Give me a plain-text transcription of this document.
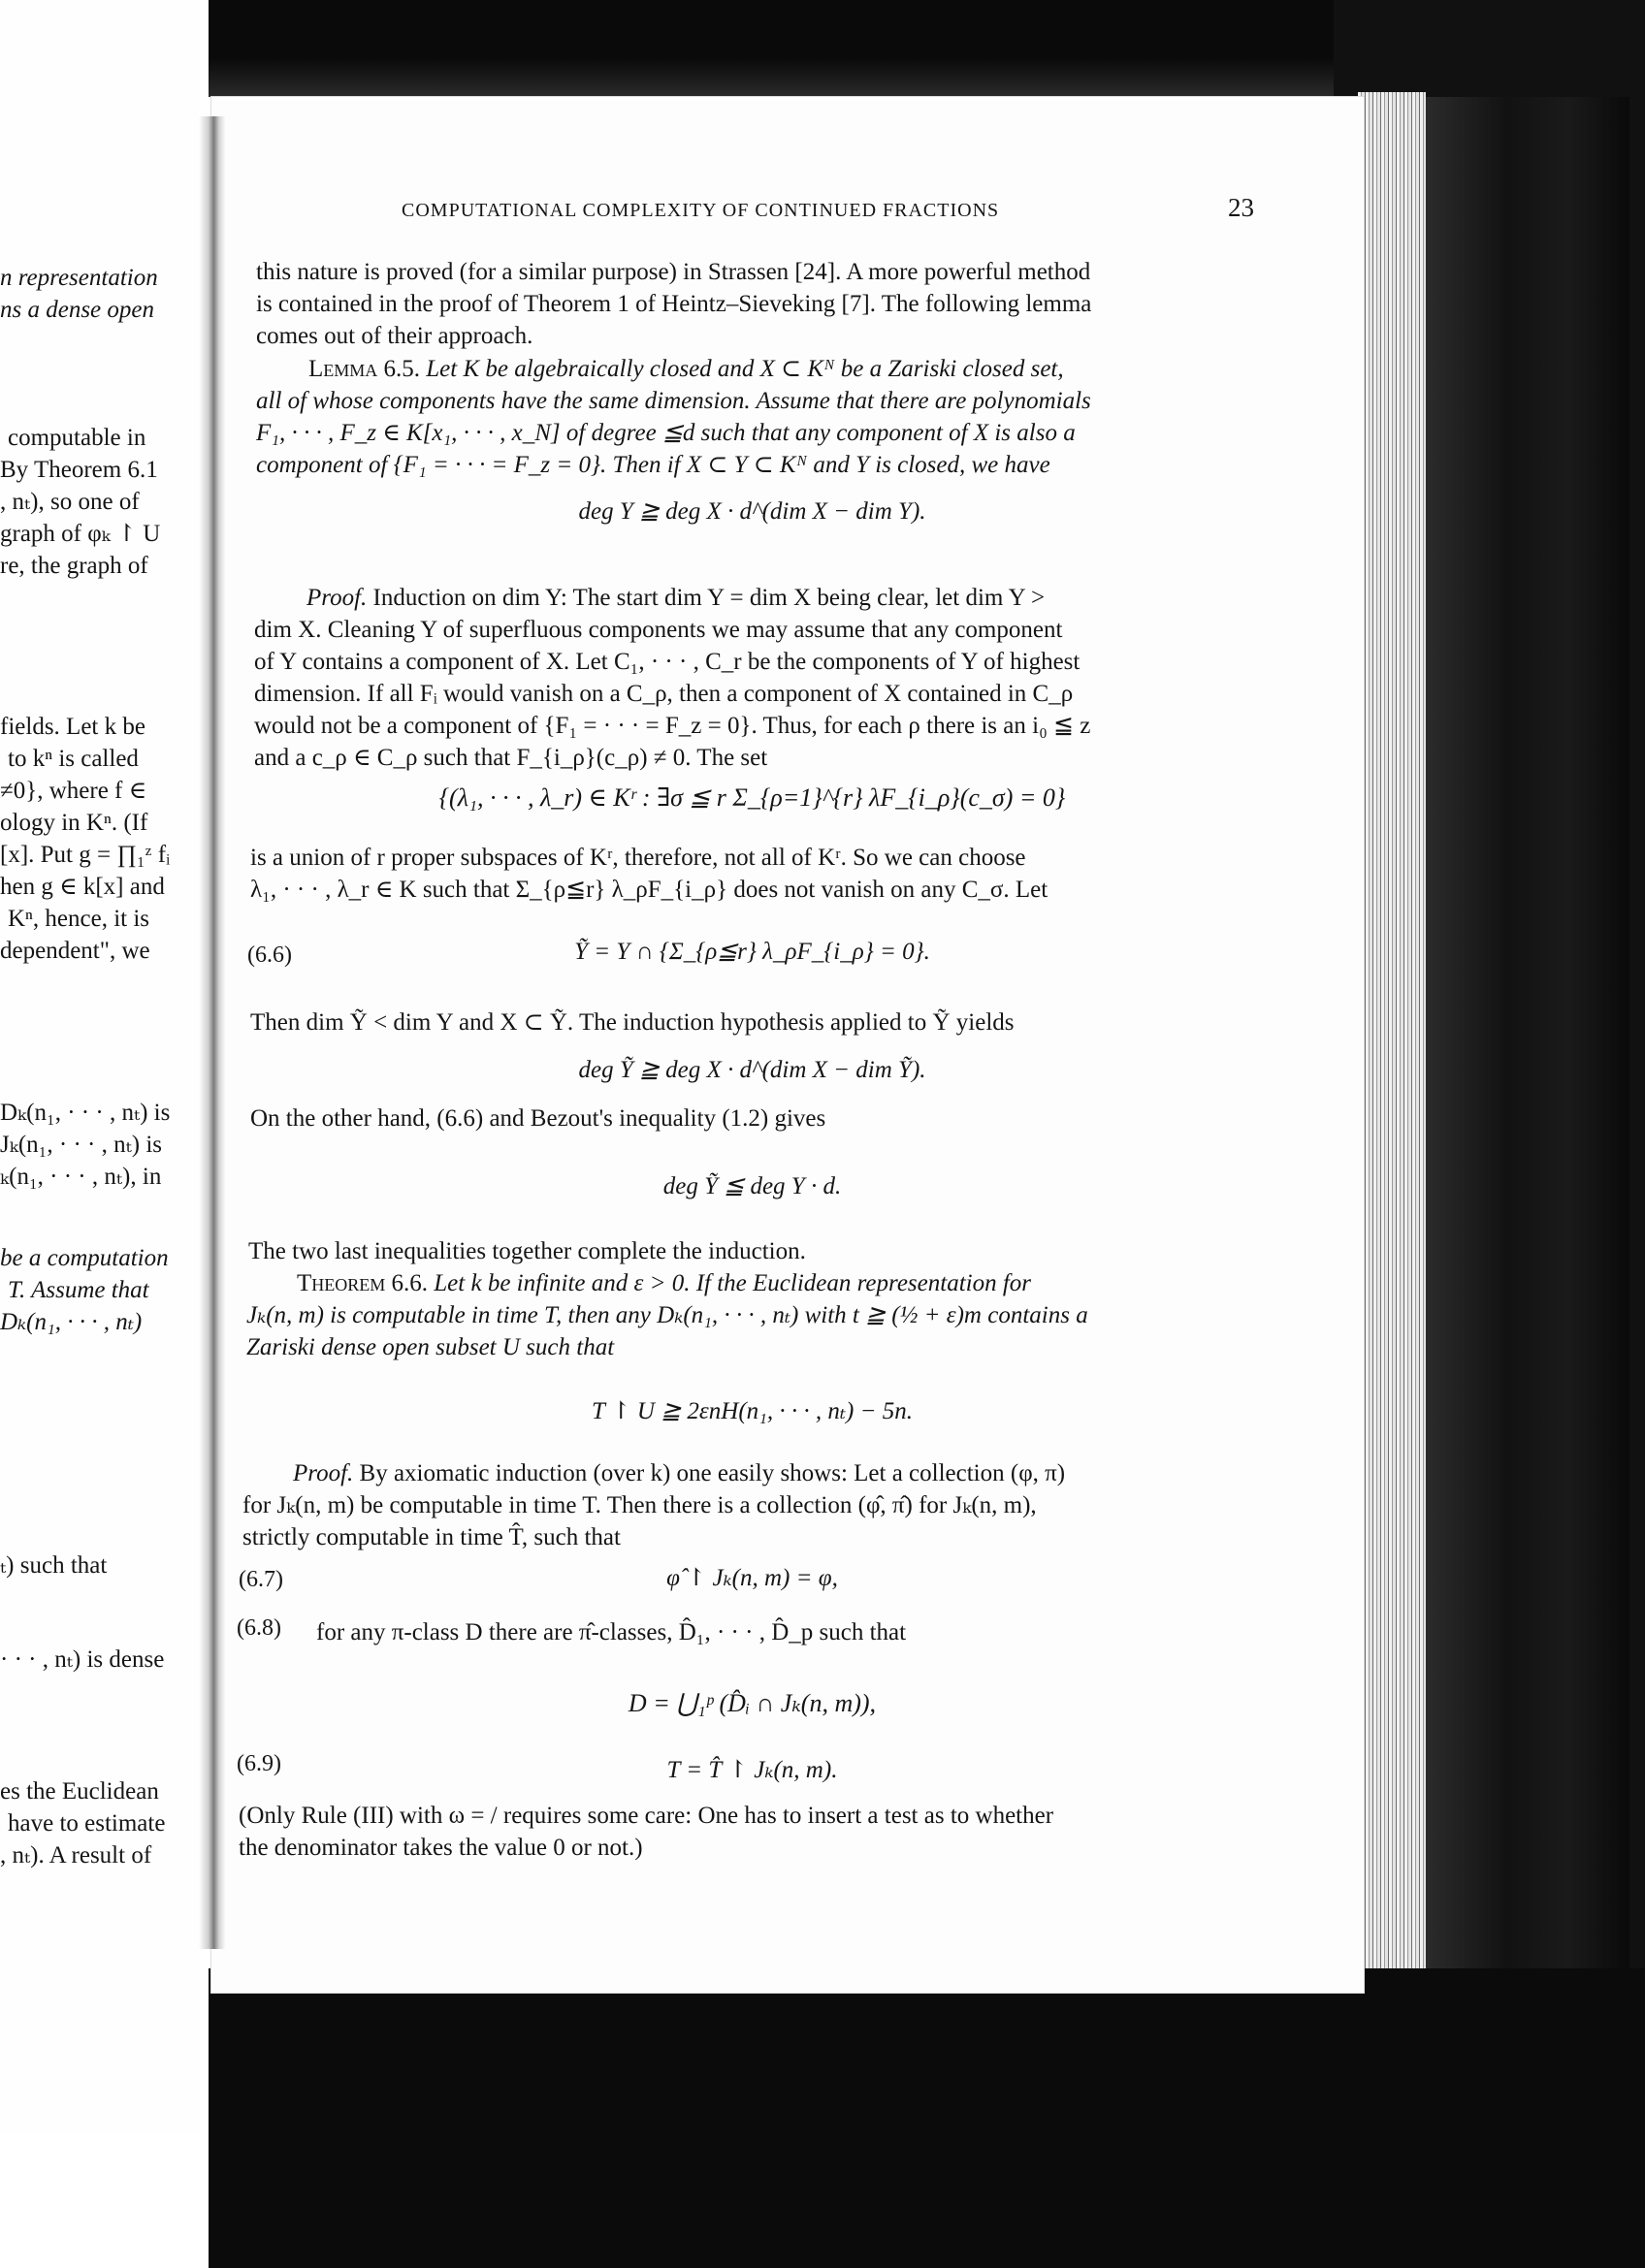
n representation
ns a dense open
computable in
By Theorem 6.1
, nₜ), so one of
graph of φₖ ↾ U
re, the graph of
fields. Let k be
to kⁿ is called
≠0}, where f ∈
ology in Kⁿ. (If
[x]. Put g = ∏₁ᶻ fᵢ
hen g ∈ k[x] and
Kⁿ, hence, it is
dependent", we
Dₖ(n₁, · · · , nₜ) is
Jₖ(n₁, · · · , nₜ) is
ₖ(n₁, · · · , nₜ), in
be a computation
T. Assume that
Dₖ(n₁, · · · , nₜ)
ₜ) such that
· · · , nₜ) is dense
es the Euclidean
have to estimate
, nₜ). A result of
COMPUTATIONAL COMPLEXITY OF CONTINUED FRACTIONS	23
this nature is proved (for a similar purpose) in Strassen [24]. A more powerful method
is contained in the proof of Theorem 1 of Heintz–Sieveking [7]. The following lemma
comes out of their approach.
Lemma 6.5. Let K be algebraically closed and X ⊂ Kᴺ be a Zariski closed set,
all of whose components have the same dimension. Assume that there are polynomials
F₁, · · · , F_z ∈ K[x₁, · · · , x_N] of degree ≦d such that any component of X is also a
component of {F₁ = · · · = F_z = 0}. Then if X ⊂ Y ⊂ Kᴺ and Y is closed, we have
deg Y ≧ deg X · d^(dim X − dim Y).
Proof. Induction on dim Y: The start dim Y = dim X being clear, let dim Y >
dim X. Cleaning Y of superfluous components we may assume that any component
of Y contains a component of X. Let C₁, · · · , C_r be the components of Y of highest
dimension. If all Fᵢ would vanish on a C_ρ, then a component of X contained in C_ρ
would not be a component of {F₁ = · · · = F_z = 0}. Thus, for each ρ there is an i₀ ≦ z
and a c_ρ ∈ C_ρ such that F_{i_ρ}(c_ρ) ≠ 0. The set
{(λ₁, · · · , λ_r) ∈ Kʳ : ∃σ ≦ r Σ_{ρ=1}^{r} λF_{i_ρ}(c_σ) = 0}
is a union of r proper subspaces of Kʳ, therefore, not all of Kʳ. So we can choose
λ₁, · · · , λ_r ∈ K such that Σ_{ρ≦r} λ_ρF_{i_ρ} does not vanish on any C_σ. Let
(6.6)	Ỹ = Y ∩ {Σ_{ρ≦r} λ_ρF_{i_ρ} = 0}.
Then dim Ỹ < dim Y and X ⊂ Ỹ. The induction hypothesis applied to Ỹ yields
deg Ỹ ≧ deg X · d^(dim X − dim Ỹ).
On the other hand, (6.6) and Bezout's inequality (1.2) gives
deg Ỹ ≦ deg Y · d.
The two last inequalities together complete the induction.
Theorem 6.6. Let k be infinite and ε > 0. If the Euclidean representation for
Jₖ(n, m) is computable in time T, then any Dₖ(n₁, · · · , nₜ) with t ≧ (½ + ε)m contains a
Zariski dense open subset U such that
T ↾ U ≧ 2εnH(n₁, · · · , nₜ) − 5n.
Proof. By axiomatic induction (over k) one easily shows: Let a collection (φ, π)
for Jₖ(n, m) be computable in time T. Then there is a collection (φ̂, π̂) for Jₖ(n, m),
strictly computable in time T̂, such that
(6.7)	φ̂ ↾ Jₖ(n, m) = φ,
(6.8) for any π-class D there are π̂-classes, D̂₁, · · · , D̂_p such that
D = ⋃₁ᵖ (D̂ᵢ ∩ Jₖ(n, m)),
(6.9)	T = T̂ ↾ Jₖ(n, m).
(Only Rule (III) with ω = / requires some care: One has to insert a test as to whether
the denominator takes the value 0 or not.)
